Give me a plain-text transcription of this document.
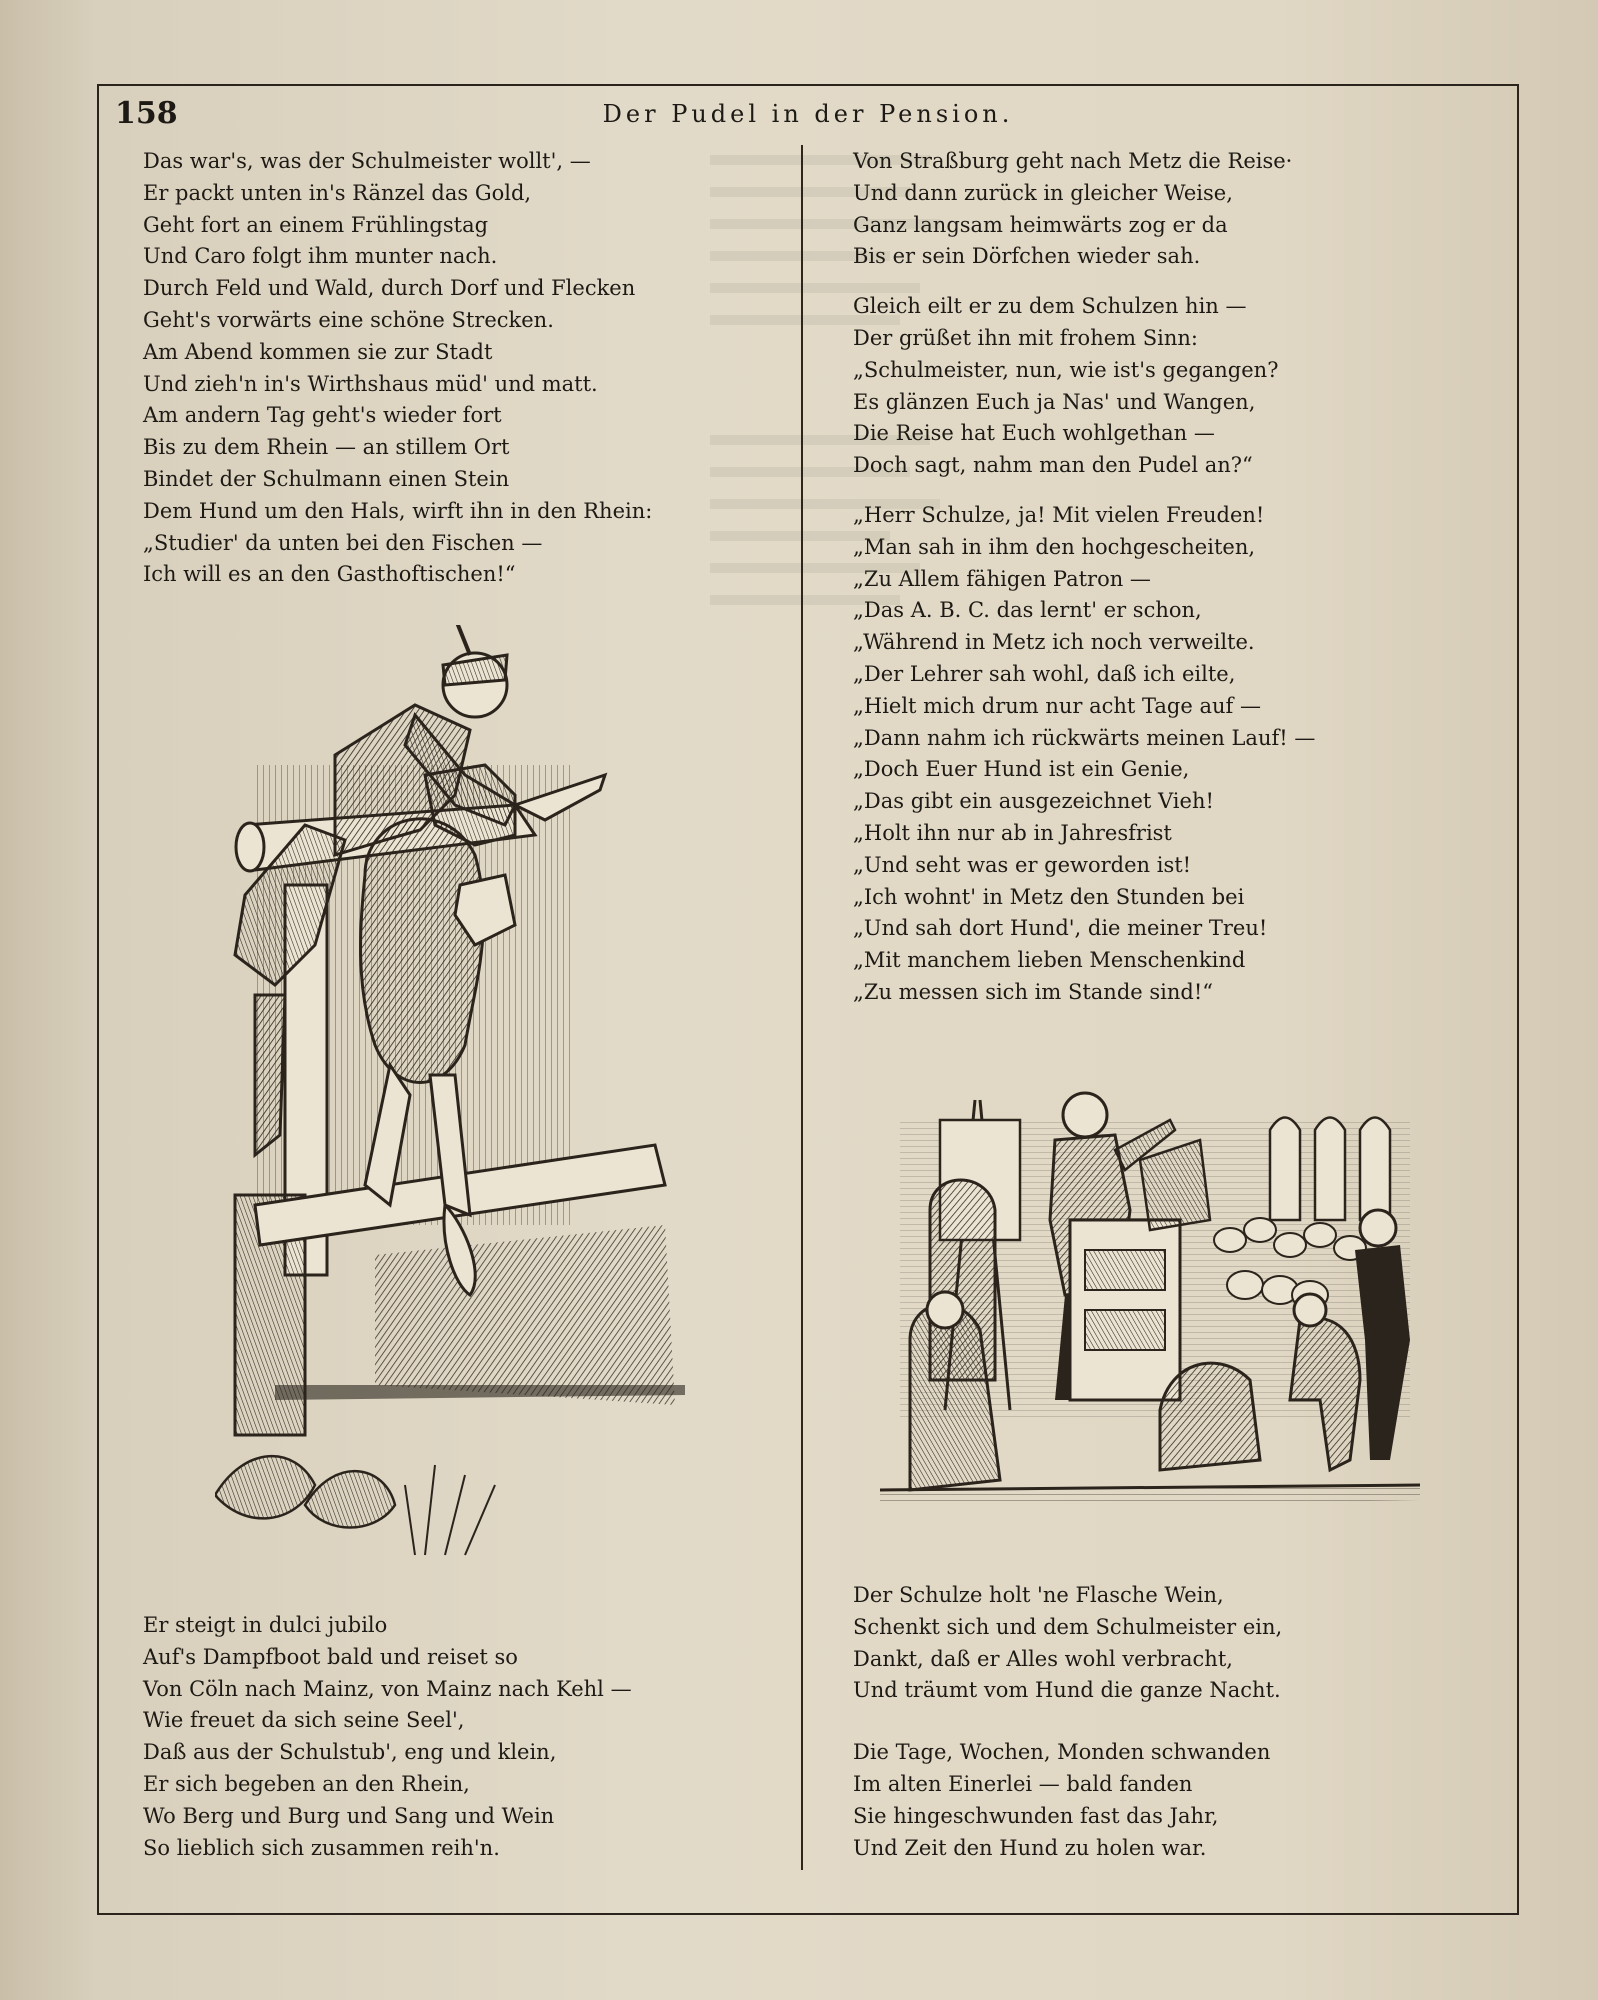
158	Der Pudel in der Pension.
Das war's, was der Schulmeister wollt', —
Er packt unten in's Ränzel das Gold,
Geht fort an einem Frühlingstag
Und Caro folgt ihm munter nach.
Durch Feld und Wald, durch Dorf und Flecken
Geht's vorwärts eine schöne Strecken.
Am Abend kommen sie zur Stadt
Und zieh'n in's Wirthshaus müd' und matt.
Am andern Tag geht's wieder fort
Bis zu dem Rhein — an stillem Ort
Bindet der Schulmann einen Stein
Dem Hund um den Hals, wirft ihn in den Rhein:
„Studier' da unten bei den Fischen —
Ich will es an den Gasthoftischen!“
Er steigt in dulci jubilo
Auf's Dampfboot bald und reiset so
Von Cöln nach Mainz, von Mainz nach Kehl —
Wie freuet da sich seine Seel',
Daß aus der Schulstub', eng und klein,
Er sich begeben an den Rhein,
Wo Berg und Burg und Sang und Wein
So lieblich sich zusammen reih'n.
Von Straßburg geht nach Metz die Reise·
Und dann zurück in gleicher Weise,
Ganz langsam heimwärts zog er da
Bis er sein Dörfchen wieder sah.
Gleich eilt er zu dem Schulzen hin —
Der grüßet ihn mit frohem Sinn:
„Schulmeister, nun, wie ist's gegangen?
Es glänzen Euch ja Nas' und Wangen,
Die Reise hat Euch wohlgethan —
Doch sagt, nahm man den Pudel an?“
„Herr Schulze, ja! Mit vielen Freuden!
„Man sah in ihm den hochgescheiten,
„Zu Allem fähigen Patron —
„Das A. B. C. das lernt' er schon,
„Während in Metz ich noch verweilte.
„Der Lehrer sah wohl, daß ich eilte,
„Hielt mich drum nur acht Tage auf —
„Dann nahm ich rückwärts meinen Lauf! —
„Doch Euer Hund ist ein Genie,
„Das gibt ein ausgezeichnet Vieh!
„Holt ihn nur ab in Jahresfrist
„Und seht was er geworden ist!
„Ich wohnt' in Metz den Stunden bei
„Und sah dort Hund', die meiner Treu!
„Mit manchem lieben Menschenkind
„Zu messen sich im Stande sind!“
Der Schulze holt 'ne Flasche Wein,
Schenkt sich und dem Schulmeister ein,
Dankt, daß er Alles wohl verbracht,
Und träumt vom Hund die ganze Nacht.
Die Tage, Wochen, Monden schwanden
Im alten Einerlei — bald fanden
Sie hingeschwunden fast das Jahr,
Und Zeit den Hund zu holen war.
